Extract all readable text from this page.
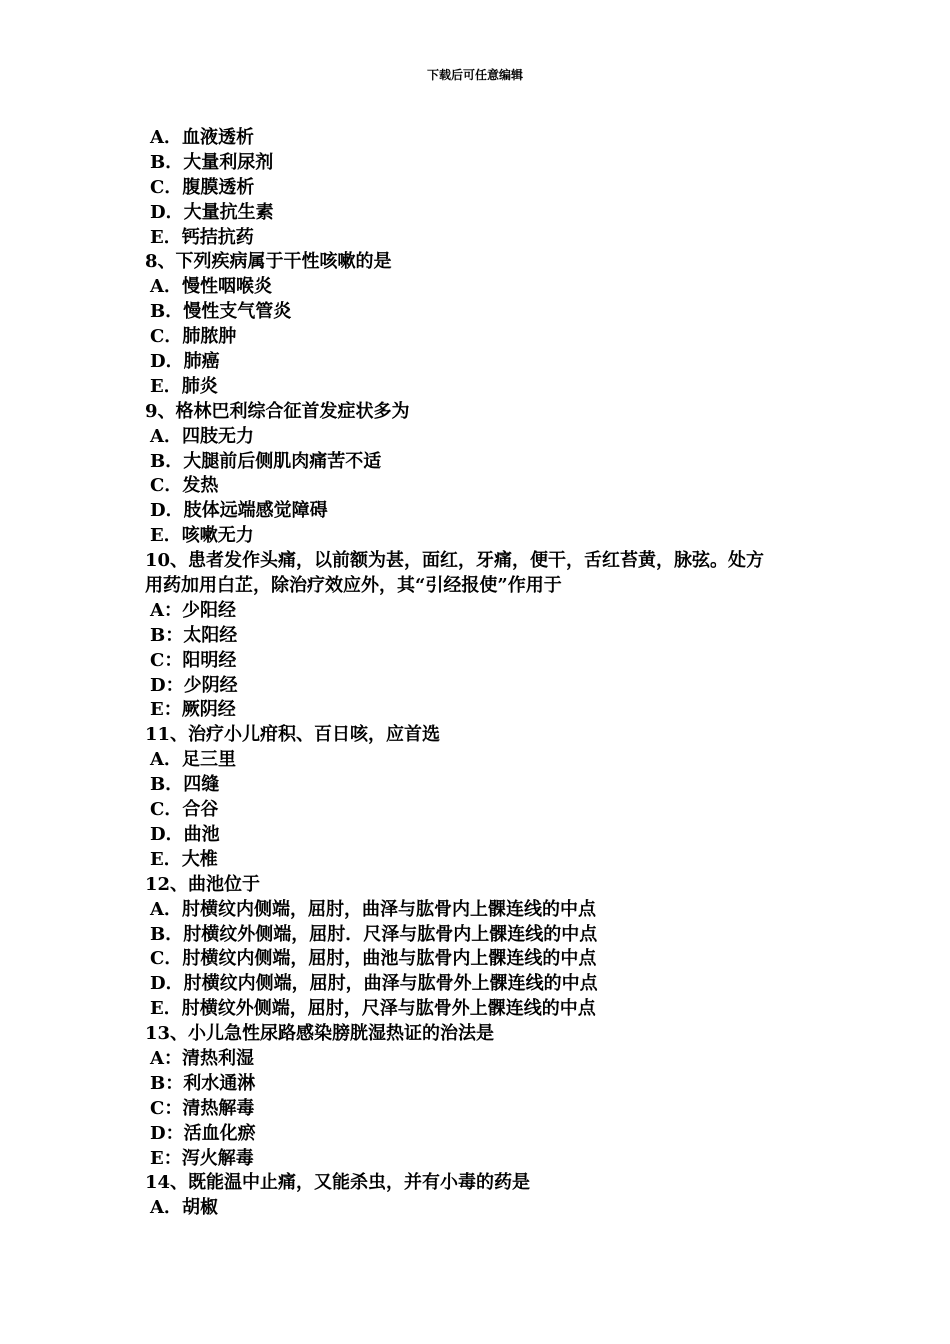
下载后可任意编辑
A．血液透析
B．大量利尿剂
C．腹膜透析
D．大量抗生素
E．钙拮抗药
8、下列疾病属于干性咳嗽的是
A．慢性咽喉炎
B．慢性支气管炎
C．肺脓肿
D．肺癌
E．肺炎
9、格林巴利综合征首发症状多为
A．四肢无力
B．大腿前后侧肌肉痛苦不适
C．发热
D．肢体远端感觉障碍
E．咳嗽无力
10、患者发作头痛，以前额为甚，面红，牙痛，便干，舌红苔黄，脉弦。处方
用药加用白芷，除治疗效应外，其“引经报使”作用于
A：少阳经
B：太阳经
C：阳明经
D：少阴经
E：厥阴经
11、治疗小儿疳积、百日咳，应首选
A．足三里
B．四缝
C．合谷
D．曲池
E．大椎
12、曲池位于
A．肘横纹内侧端，屈肘，曲泽与肱骨内上髁连线的中点
B．肘横纹外侧端，屈肘．尺泽与肱骨内上髁连线的中点
C．肘横纹内侧端，屈肘，曲池与肱骨内上髁连线的中点
D．肘横纹内侧端，屈肘，曲泽与肱骨外上髁连线的中点
E．肘横纹外侧端，屈肘，尺泽与肱骨外上髁连线的中点
13、小儿急性尿路感染膀胱湿热证的治法是
A：清热利湿
B：利水通淋
C：清热解毒
D：活血化瘀
E：泻火解毒
14、既能温中止痛，又能杀虫，并有小毒的药是
A．胡椒
